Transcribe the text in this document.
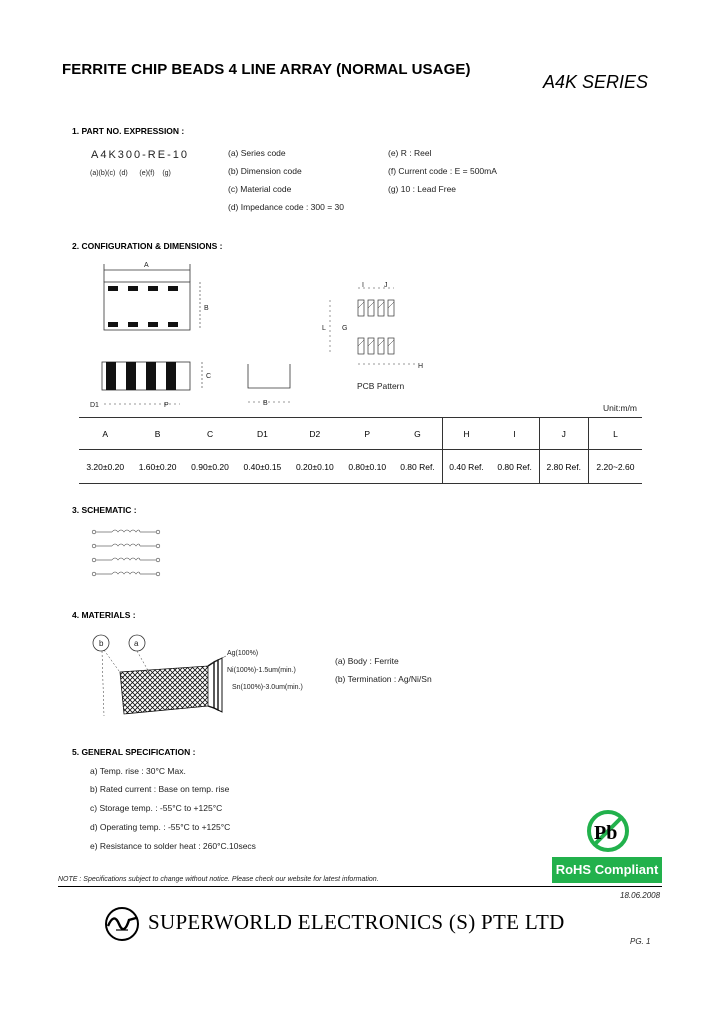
FERRITE CHIP BEADS 4 LINE ARRAY (NORMAL USAGE)
A4K SERIES
1. PART NO. EXPRESSION :
A4K300-RE-10
(a)(b)(c)  (d)      (e)(f)    (g)
(a) Series code
(b) Dimension code
(c) Material code
(d) Impedance code : 300 = 30
(e) R : Reel
(f) Current code : E = 500mA
(g) 10 : Lead Free
2. CONFIGURATION & DIMENSIONS :
A
B
C
D1	P	B
L
I	J
G
H
PCB Pattern
Unit:m/m
A	B	C	D1	D2	P	G	H	I	J	L
3.20±0.20	1.60±0.20	0.90±0.20	0.40±0.15	0.20±0.10	0.80±0.10	0.80 Ref.	0.40 Ref.	0.80 Ref.	2.80 Ref.	2.20~2.60
3. SCHEMATIC :
4. MATERIALS :
b	a
Ag(100%)
Ni(100%)-1.5um(min.)
Sn(100%)-3.0um(min.)
(a) Body : Ferrite
(b) Termination : Ag/Ni/Sn
5. GENERAL SPECIFICATION :
a) Temp. rise : 30°C Max.
b) Rated current : Base on temp. rise
c) Storage temp. : -55°C to +125°C
d) Operating temp. : -55°C to +125°C
e) Resistance to solder heat : 260°C.10secs
Pb
RoHS Compliant
NOTE : Specifications subject to change without notice. Please check our website for latest information.
18.06.2008
SUPERWORLD ELECTRONICS (S) PTE LTD
PG. 1
